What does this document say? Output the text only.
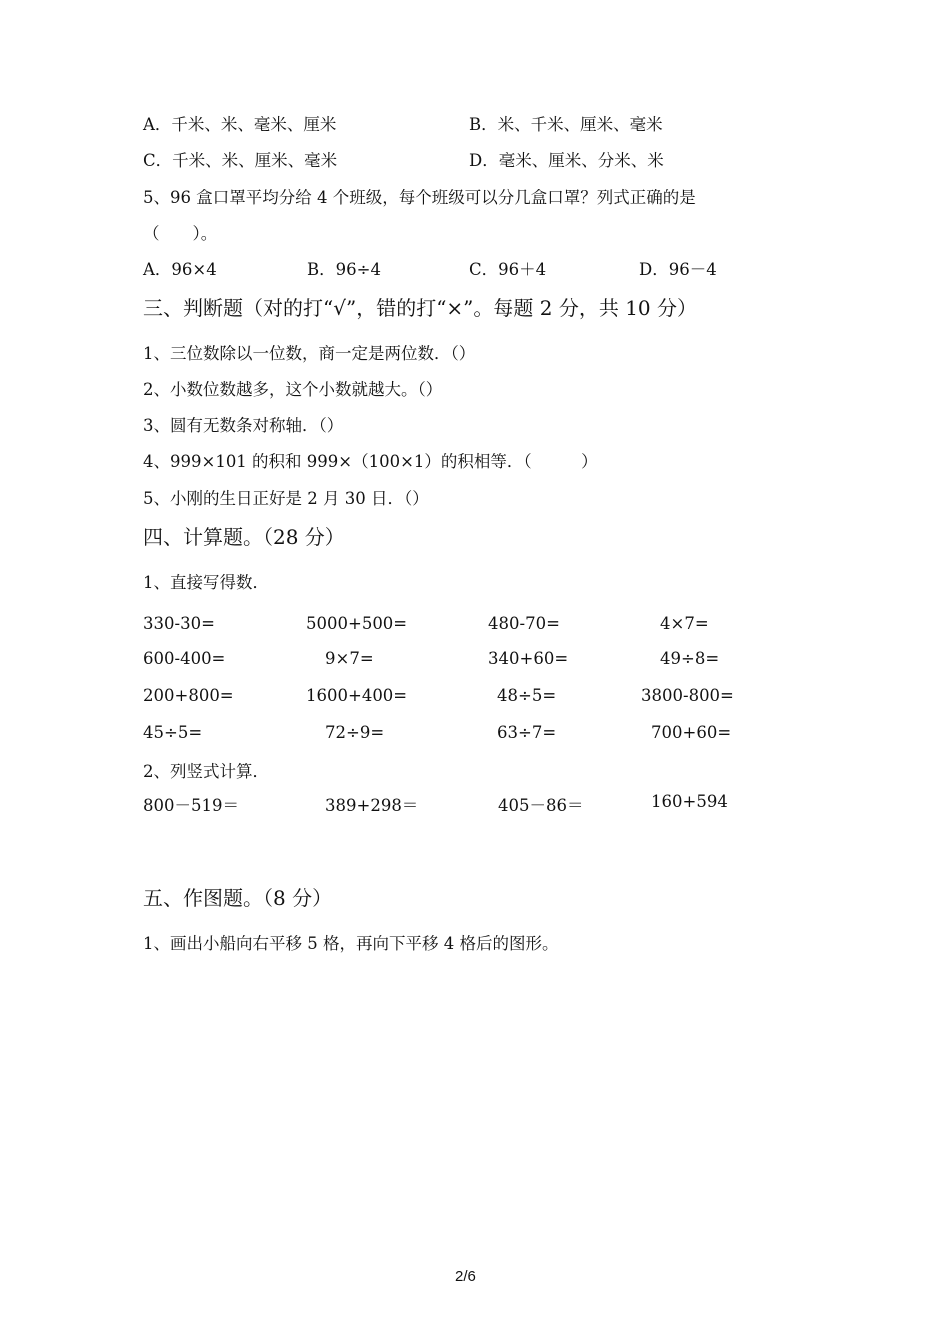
A．千米、米、毫米、厘米	B．米、千米、厘米、毫米
C．千米、米、厘米、毫米	D．毫米、厘米、分米、米
5、96 盒口罩平均分给 4 个班级，每个班级可以分几盒口罩？列式正确的是
（　　）。
A．96×4	B．96÷4	C．96＋4	D．96－4
三、判断题（对的打“√”，错的打“×”。每题 2 分，共 10 分）
1、三位数除以一位数，商一定是两位数．（）
2、小数位数越多，这个小数就越大。（）
3、圆有无数条对称轴．（）
4、999×101 的积和 999×（100×1）的积相等．（　　　）
5、小刚的生日正好是 2 月 30 日．（）
四、计算题。（28 分）
1、直接写得数．
330-30=	5000+500=	480-70=	4×7=
600-400=	9×7=	340+60=	49÷8=
200+800=	1600+400=	48÷5=	3800-800=
45÷5=	72÷9=	63÷7=	700+60=
2、列竖式计算．
800－519＝	389+298＝	405－86＝	160+594
五、作图题。（8 分）
1、画出小船向右平移 5 格，再向下平移 4 格后的图形。
2/6
